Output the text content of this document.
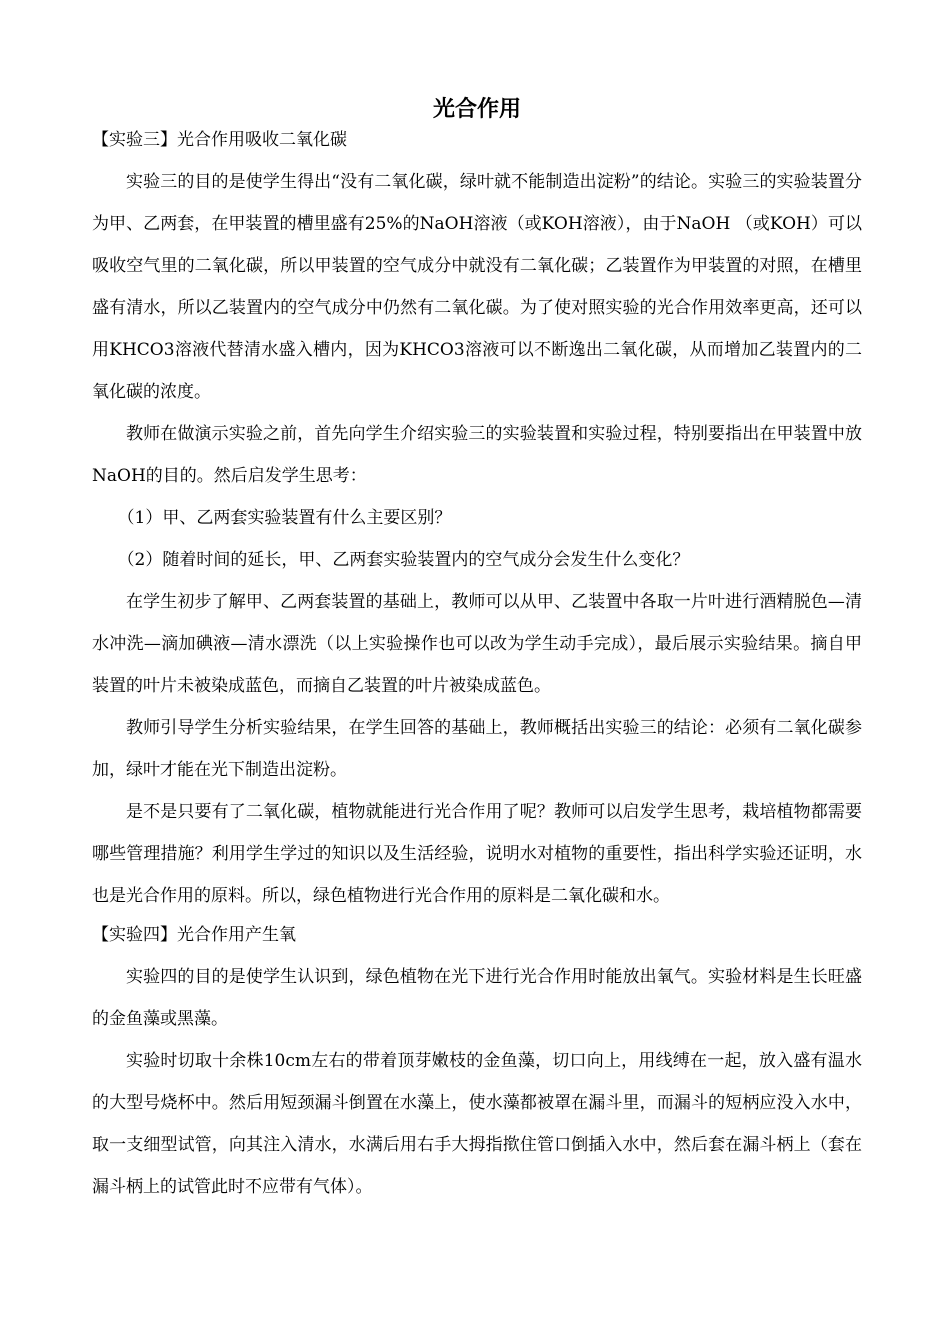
光合作用

【实验三】光合作用吸收二氧化碳

实验三的目的是使学生得出“没有二氧化碳，绿叶就不能制造出淀粉”的结论。实验三的实验装置分为甲、乙两套，在甲装置的槽里盛有25%的NaOH溶液（或KOH溶液），由于NaOH （或KOH）可以吸收空气里的二氧化碳，所以甲装置的空气成分中就没有二氧化碳；乙装置作为甲装置的对照，在槽里盛有清水，所以乙装置内的空气成分中仍然有二氧化碳。为了使对照实验的光合作用效率更高，还可以用KHCO3溶液代替清水盛入槽内，因为KHCO3溶液可以不断逸出二氧化碳，从而增加乙装置内的二氧化碳的浓度。

教师在做演示实验之前，首先向学生介绍实验三的实验装置和实验过程，特别要指出在甲装置中放NaOH的目的。然后启发学生思考：

（1）甲、乙两套实验装置有什么主要区别？

（2）随着时间的延长，甲、乙两套实验装置内的空气成分会发生什么变化？

在学生初步了解甲、乙两套装置的基础上，教师可以从甲、乙装置中各取一片叶进行酒精脱色—清水冲洗—滴加碘液—清水漂洗（以上实验操作也可以改为学生动手完成），最后展示实验结果。摘自甲装置的叶片未被染成蓝色，而摘自乙装置的叶片被染成蓝色。

教师引导学生分析实验结果，在学生回答的基础上，教师概括出实验三的结论：必须有二氧化碳参加，绿叶才能在光下制造出淀粉。

是不是只要有了二氧化碳，植物就能进行光合作用了呢？教师可以启发学生思考，栽培植物都需要哪些管理措施？利用学生学过的知识以及生活经验，说明水对植物的重要性，指出科学实验还证明，水也是光合作用的原料。所以，绿色植物进行光合作用的原料是二氧化碳和水。

【实验四】光合作用产生氧

实验四的目的是使学生认识到，绿色植物在光下进行光合作用时能放出氧气。实验材料是生长旺盛的金鱼藻或黑藻。

实验时切取十余株10cm左右的带着顶芽嫩枝的金鱼藻，切口向上，用线缚在一起，放入盛有温水的大型号烧杯中。然后用短颈漏斗倒置在水藻上，使水藻都被罩在漏斗里，而漏斗的短柄应没入水中，取一支细型试管，向其注入清水，水满后用右手大拇指揿住管口倒插入水中，然后套在漏斗柄上（套在漏斗柄上的试管此时不应带有气体）。
